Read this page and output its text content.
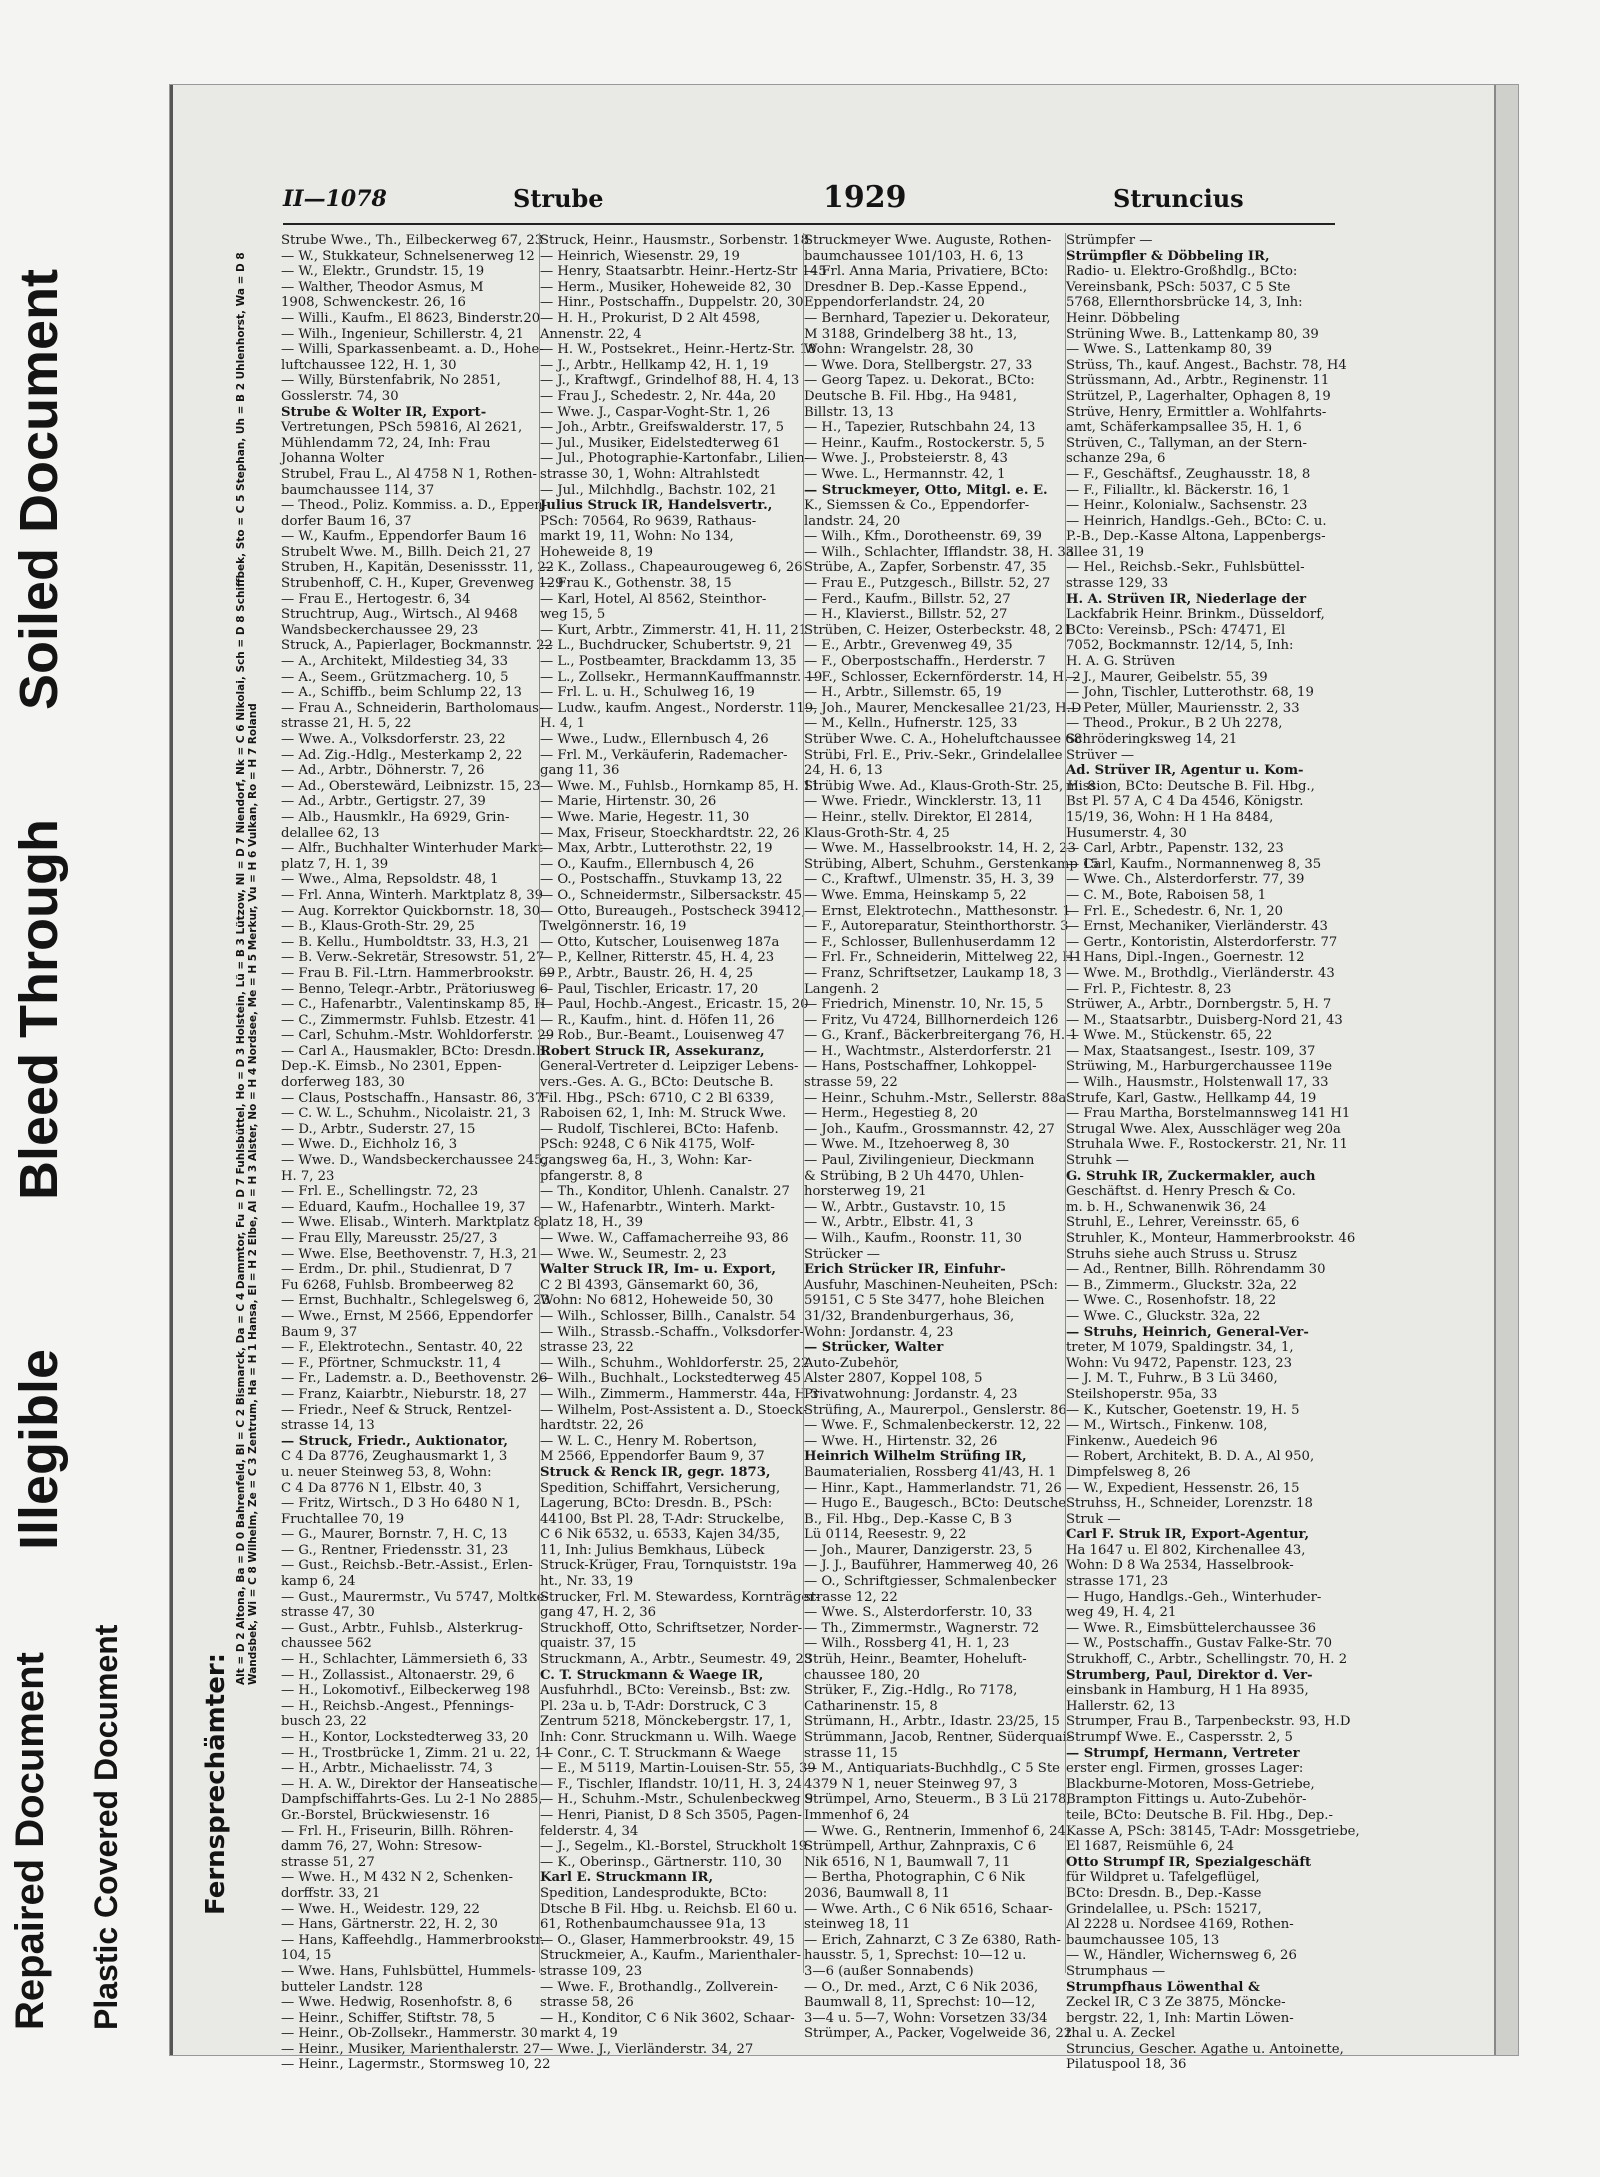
Repaired Document
Illegible
Bleed Through
Soiled Document
Plastic Covered Document
II—1078	Strube	1929	Struncius
Fernsprechämter:
Alt = D 2 Altona, Ba = D 0 Bahrenfeld, Bl = C 2 Bismarck, Da = C 4 Dammtor, Fu = D 7 Fuhlsbüttel, Ho = D 3 Holstein, Lü = B 3 Lützow, Nl = D 7 Niendorf, Nk = C 6 Nikolai, Sch = D 8 Schiffbek, Sto = C 5 Stephan, Uh = B 2 Uhlenhorst, Wa = D 8 Wandsbek, Wi = C 8 Wilhelm, Ze = C 3 Zentrum, Ha = H 1 Hansa, El = H 2 Elbe, Al = H 3 Alster, No = H 4 Nordsee, Me = H 5 Merkur, Vu = H 6 Vulkan, Ro = H 7 Roland
Strube Wwe., Th., Eilbeckerweg 67, 23
— W., Stukkateur, Schnelsenerweg 12
— W., Elektr., Grundstr. 15, 19
— Walther, Theodor Asmus, M
1908, Schwenckestr. 26, 16
— Willi., Kaufm., El 8623, Binderstr.20
— Wilh., Ingenieur, Schillerstr. 4, 21
— Willi, Sparkassenbeamt. a. D., Hohe-
luftchaussee 122, H. 1, 30
— Willy, Bürstenfabrik, No 2851,
Gosslerstr. 74, 30
Strube & Wolter IR, Export-
Vertretungen, PSch 59816, Al 2621,
Mühlendamm 72, 24, Inh: Frau
Johanna Wolter
Strubel, Frau L., Al 4758 N 1, Rothen-
baumchaussee 114, 37
— Theod., Poliz. Kommiss. a. D., Eppen-
dorfer Baum 16, 37
— W., Kaufm., Eppendorfer Baum 16
Strubelt Wwe. M., Billh. Deich 21, 27
Struben, H., Kapitän, Desenissstr. 11, 22
Strubenhoff, C. H., Kuper, Grevenweg 129
— Frau E., Hertogestr. 6, 34
Struchtrup, Aug., Wirtsch., Al 9468
Wandsbeckerchaussee 29, 23
Struck, A., Papierlager, Bockmannstr. 22
— A., Architekt, Mildestieg 34, 33
— A., Seem., Grützmacherg. 10, 5
— A., Schiffb., beim Schlump 22, 13
— Frau A., Schneiderin, Bartholomaus-
strasse 21, H. 5, 22
— Wwe. A., Volksdorferstr. 23, 22
— Ad. Zig.-Hdlg., Mesterkamp 2, 22
— Ad., Arbtr., Döhnerstr. 7, 26
— Ad., Oberstewärd, Leibnizstr. 15, 23
— Ad., Arbtr., Gertigstr. 27, 39
— Alb., Hausmklr., Ha 6929, Grin-
delallee 62, 13
— Alfr., Buchhalter Winterhuder Markt-
platz 7, H. 1, 39
— Wwe., Alma, Repsoldstr. 48, 1
— Frl. Anna, Winterh. Marktplatz 8, 39
— Aug. Korrektor Quickbornstr. 18, 30
— B., Klaus-Groth-Str. 29, 25
— B. Kellu., Humboldtstr. 33, H.3, 21
— B. Verw.-Sekretär, Stresowstr. 51, 27
— Frau B. Fil.-Ltrn. Hammerbrookstr. 69
— Benno, Teleqr.-Arbtr., Prätoriusweg 6
— C., Hafenarbtr., Valentinskamp 85, H
— C., Zimmermstr. Fuhlsb. Etzestr. 41
— Carl, Schuhm.-Mstr. Wohldorferstr. 29
— Carl A., Hausmakler, BCto: Dresdn.B.
Dep.-K. Eimsb., No 2301, Eppen-
dorferweg 183, 30
— Claus, Postschaffn., Hansastr. 86, 37
— C. W. L., Schuhm., Nicolaistr. 21, 3
— D., Arbtr., Suderstr. 27, 15
— Wwe. D., Eichholz 16, 3
— Wwe. D., Wandsbeckerchaussee 245,
H. 7, 23
— Frl. E., Schellingstr. 72, 23
— Eduard, Kaufm., Hochallee 19, 37
— Wwe. Elisab., Winterh. Marktplatz 8
— Frau Elly, Mareusstr. 25/27, 3
— Wwe. Else, Beethovenstr. 7, H.3, 21
— Erdm., Dr. phil., Studienrat, D 7
Fu 6268, Fuhlsb. Brombeerweg 82
— Ernst, Buchhaltr., Schlegelsweg 6, 23
— Wwe., Ernst, M 2566, Eppendorfer
Baum 9, 37
— F., Elektrotechn., Sentastr. 40, 22
— F., Pförtner, Schmuckstr. 11, 4
— Fr., Lademstr. a. D., Beethovenstr. 26
— Franz, Kaiarbtr., Nieburstr. 18, 27
— Friedr., Neef & Struck, Rentzel-
strasse 14, 13
— Struck, Friedr., Auktionator,
C 4 Da 8776, Zeughausmarkt 1, 3
u. neuer Steinweg 53, 8, Wohn:
C 4 Da 8776 N 1, Elbstr. 40, 3
— Fritz, Wirtsch., D 3 Ho 6480 N 1,
Fruchtallee 70, 19
— G., Maurer, Bornstr. 7, H. C, 13
— G., Rentner, Friedensstr. 31, 23
— Gust., Reichsb.-Betr.-Assist., Erlen-
kamp 6, 24
— Gust., Maurermstr., Vu 5747, Moltke-
strasse 47, 30
— Gust., Arbtr., Fuhlsb., Alsterkrug-
chaussee 562
— H., Schlachter, Lämmersieth 6, 33
— H., Zollassist., Altonaerstr. 29, 6
— H., Lokomotivf., Eilbeckerweg 198
— H., Reichsb.-Angest., Pfennings-
busch 23, 22
— H., Kontor, Lockstedterweg 33, 20
— H., Trostbrücke 1, Zimm. 21 u. 22, 11
— H., Arbtr., Michaelisstr. 74, 3
— H. A. W., Direktor der Hanseatische
Dampfschiffahrts-Ges. Lu 2-1 No 2885,
Gr.-Borstel, Brückwiesenstr. 16
— Frl. H., Friseurin, Billh. Röhren-
damm 76, 27, Wohn: Stresow-
strasse 51, 27
— Wwe. H., M 432 N 2, Schenken-
dorffstr. 33, 21
— Wwe. H., Weidestr. 129, 22
— Hans, Gärtnerstr. 22, H. 2, 30
— Hans, Kaffeehdlg., Hammerbrookstr.
104, 15
— Wwe. Hans, Fuhlsbüttel, Hummels-
butteler Landstr. 128
— Wwe. Hedwig, Rosenhofstr. 8, 6
— Heinr., Schiffer, Stiftstr. 78, 5
— Heinr., Ob-Zollsekr., Hammerstr. 30
— Heinr., Musiker, Marienthalerstr. 27
— Heinr., Lagermstr., Stormsweg 10, 22
Struck, Heinr., Hausmstr., Sorbenstr. 18
— Heinrich, Wiesenstr. 29, 19
— Henry, Staatsarbtr. Heinr.-Hertz-Str 145
— Herm., Musiker, Hoheweide 82, 30
— Hinr., Postschaffn., Duppelstr. 20, 30
— H. H., Prokurist, D 2 Alt 4598,
Annenstr. 22, 4
— H. W., Postsekret., Heinr.-Hertz-Str. 18
— J., Arbtr., Hellkamp 42, H. 1, 19
— J., Kraftwgf., Grindelhof 88, H. 4, 13
— Frau J., Schedestr. 2, Nr. 44a, 20
— Wwe. J., Caspar-Voght-Str. 1, 26
— Joh., Arbtr., Greifswalderstr. 17, 5
— Jul., Musiker, Eidelstedterweg 61
— Jul., Photographie-Kartonfabr., Lilien-
strasse 30, 1, Wohn: Altrahlstedt
— Jul., Milchhdlg., Bachstr. 102, 21
Julius Struck IR, Handelsvertr.,
PSch: 70564, Ro 9639, Rathaus-
markt 19, 11, Wohn: No 134,
Hoheweide 8, 19
— K., Zollass., Chapeaurougeweg 6, 26
— Frau K., Gothenstr. 38, 15
— Karl, Hotel, Al 8562, Steinthor-
weg 15, 5
— Kurt, Arbtr., Zimmerstr. 41, H. 11, 21
— L., Buchdrucker, Schubertstr. 9, 21
— L., Postbeamter, Brackdamm 13, 35
— L., Zollsekr., HermannKauffmannstr. 19
— Frl. L. u. H., Schulweg 16, 19
— Ludw., kaufm. Angest., Norderstr. 119,
H. 4, 1
— Wwe., Ludw., Ellernbusch 4, 26
— Frl. M., Verkäuferin, Rademacher-
gang 11, 36
— Wwe. M., Fuhlsb., Hornkamp 85, H. 11
— Marie, Hirtenstr. 30, 26
— Wwe. Marie, Hegestr. 11, 30
— Max, Friseur, Stoeckhardtstr. 22, 26
— Max, Arbtr., Lutterothstr. 22, 19
— O., Kaufm., Ellernbusch 4, 26
— O., Postschaffn., Stuvkamp 13, 22
— O., Schneidermstr., Silbersackstr. 45
— Otto, Bureaugeh., Postscheck 39412,
Twelgönnerstr. 16, 19
— Otto, Kutscher, Louisenweg 187a
— P., Kellner, Ritterstr. 45, H. 4, 23
— P., Arbtr., Baustr. 26, H. 4, 25
— Paul, Tischler, Ericastr. 17, 20
— Paul, Hochb.-Angest., Ericastr. 15, 20
— R., Kaufm., hint. d. Höfen 11, 26
— Rob., Bur.-Beamt., Louisenweg 47
Robert Struck IR, Assekuranz,
General-Vertreter d. Leipziger Lebens-
vers.-Ges. A. G., BCto: Deutsche B.
Fil. Hbg., PSch: 6710, C 2 Bl 6339,
Raboisen 62, 1, Inh: M. Struck Wwe.
— Rudolf, Tischlerei, BCto: Hafenb.
PSch: 9248, C 6 Nik 4175, Wolf-
gangsweg 6a, H., 3, Wohn: Kar-
pfangerstr. 8, 8
— Th., Konditor, Uhlenh. Canalstr. 27
— W., Hafenarbtr., Winterh. Markt-
platz 18, H., 39
— Wwe. W., Caffamacherreihe 93, 86
— Wwe. W., Seumestr. 2, 23
Walter Struck IR, Im- u. Export,
C 2 Bl 4393, Gänsemarkt 60, 36,
Wohn: No 6812, Hoheweide 50, 30
— Wilh., Schlosser, Billh., Canalstr. 54
— Wilh., Strassb.-Schaffn., Volksdorfer-
strasse 23, 22
— Wilh., Schuhm., Wohldorferstr. 25, 22
— Wilh., Buchhalt., Lockstedterweg 45
— Wilh., Zimmerm., Hammerstr. 44a, H 3
— Wilhelm, Post-Assistent a. D., Stoeck-
hardtstr. 22, 26
— W. L. C., Henry M. Robertson,
M 2566, Eppendorfer Baum 9, 37
Struck & Renck IR, gegr. 1873,
Spedition, Schiffahrt, Versicherung,
Lagerung, BCto: Dresdn. B., PSch:
44100, Bst Pl. 28, T-Adr: Struckelbe,
C 6 Nik 6532, u. 6533, Kajen 34/35,
11, Inh: Julius Bemkhaus, Lübeck
Struck-Krüger, Frau, Tornquiststr. 19a
ht., Nr. 33, 19
Strucker, Frl. M. Stewardess, Kornträger-
gang 47, H. 2, 36
Struckhoff, Otto, Schriftsetzer, Norder-
quaistr. 37, 15
Struckmann, A., Arbtr., Seumestr. 49, 23
C. T. Struckmann & Waege IR,
Ausfuhrhdl., BCto: Vereinsb., Bst: zw.
Pl. 23a u. b, T-Adr: Dorstruck, C 3
Zentrum 5218, Mönckebergstr. 17, 1,
Inh: Conr. Struckmann u. Wilh. Waege
— Conr., C. T. Struckmann & Waege
— E., M 5119, Martin-Louisen-Str. 55, 39
— F., Tischler, Iflandstr. 10/11, H. 3, 24
— H., Schuhm.-Mstr., Schulenbeckweg 9
— Henri, Pianist, D 8 Sch 3505, Pagen-
felderstr. 4, 34
— J., Segelm., Kl.-Borstel, Struckholt 19
— K., Oberinsp., Gärtnerstr. 110, 30
Karl E. Struckmann IR,
Spedition, Landesprodukte, BCto:
Dtsche B Fil. Hbg. u. Reichsb. El 60 u.
61, Rothenbaumchaussee 91a, 13
— O., Glaser, Hammerbrookstr. 49, 15
Struckmeier, A., Kaufm., Marienthaler-
strasse 109, 23
— Wwe. F., Brothandlg., Zollverein-
strasse 58, 26
— H., Konditor, C 6 Nik 3602, Schaar-
markt 4, 19
— Wwe. J., Vierländerstr. 34, 27
Struckmeyer Wwe. Auguste, Rothen-
baumchaussee 101/103, H. 6, 13
— Frl. Anna Maria, Privatiere, BCto:
Dresdner B. Dep.-Kasse Eppend.,
Eppendorferlandstr. 24, 20
— Bernhard, Tapezier u. Dekorateur,
M 3188, Grindelberg 38 ht., 13,
Wohn: Wrangelstr. 28, 30
— Wwe. Dora, Stellbergstr. 27, 33
— Georg Tapez. u. Dekorat., BCto:
Deutsche B. Fil. Hbg., Ha 9481,
Billstr. 13, 13
— H., Tapezier, Rutschbahn 24, 13
— Heinr., Kaufm., Rostockerstr. 5, 5
— Wwe. J., Probsteierstr. 8, 43
— Wwe. L., Hermannstr. 42, 1
— Struckmeyer, Otto, Mitgl. e. E.
K., Siemssen & Co., Eppendorfer-
landstr. 24, 20
— Wilh., Kfm., Dorotheenstr. 69, 39
— Wilh., Schlachter, Ifflandstr. 38, H. 33
Strübe, A., Zapfer, Sorbenstr. 47, 35
— Frau E., Putzgesch., Billstr. 52, 27
— Ferd., Kaufm., Billstr. 52, 27
— H., Klavierst., Billstr. 52, 27
Strüben, C. Heizer, Osterbeckstr. 48, 21
— E., Arbtr., Grevenweg 49, 35
— F., Oberpostschaffn., Herderstr. 7
— F., Schlosser, Eckernförderstr. 14, H. 2
— H., Arbtr., Sillemstr. 65, 19
— Joh., Maurer, Menckesallee 21/23, H.D
— M., Kelln., Hufnerstr. 125, 33
Strüber Wwe. C. A., Hoheluftchaussee 68
Strübi, Frl. E., Priv.-Sekr., Grindelallee
24, H. 6, 13
Strübig Wwe. Ad., Klaus-Groth-Str. 25, H. 8
— Wwe. Friedr., Wincklerstr. 13, 11
— Heinr., stellv. Direktor, El 2814,
Klaus-Groth-Str. 4, 25
— Wwe. M., Hasselbrookstr. 14, H. 2, 23
Strübing, Albert, Schuhm., Gerstenkamp 15
— C., Kraftwf., Ulmenstr. 35, H. 3, 39
— Wwe. Emma, Heinskamp 5, 22
— Ernst, Elektrotechn., Matthesonstr. 1
— F., Autoreparatur, Steinthorthorstr. 3
— F., Schlosser, Bullenhuserdamm 12
— Frl. Fr., Schneiderin, Mittelweg 22, H1
— Franz, Schriftsetzer, Laukamp 18, 3
Langenh. 2
— Friedrich, Minenstr. 10, Nr. 15, 5
— Fritz, Vu 4724, Billhornerdeich 126
— G., Kranf., Bäckerbreitergang 76, H. 1
— H., Wachtmstr., Alsterdorferstr. 21
— Hans, Postschaffner, Lohkoppel-
strasse 59, 22
— Heinr., Schuhm.-Mstr., Sellerstr. 88a
— Herm., Hegestieg 8, 20
— Joh., Kaufm., Grossmannstr. 42, 27
— Wwe. M., Itzehoerweg 8, 30
— Paul, Zivilingenieur, Dieckmann
& Strübing, B 2 Uh 4470, Uhlen-
horsterweg 19, 21
— W., Arbtr., Gustavstr. 10, 15
— W., Arbtr., Elbstr. 41, 3
— Wilh., Kaufm., Roonstr. 11, 30
Strücker —
Erich Strücker IR, Einfuhr-
Ausfuhr, Maschinen-Neuheiten, PSch:
59151, C 5 Ste 3477, hohe Bleichen
31/32, Brandenburgerhaus, 36,
Wohn: Jordanstr. 4, 23
— Strücker, Walter
Auto-Zubehör,
Alster 2807, Koppel 108, 5
Privatwohnung: Jordanstr. 4, 23
Strüfing, A., Maurerpol., Genslerstr. 86
— Wwe. F., Schmalenbeckerstr. 12, 22
— Wwe. H., Hirtenstr. 32, 26
Heinrich Wilhelm Strüfing IR,
Baumaterialien, Rossberg 41/43, H. 1
— Hinr., Kapt., Hammerlandstr. 71, 26
— Hugo E., Baugesch., BCto: Deutsche
B., Fil. Hbg., Dep.-Kasse C, B 3
Lü 0114, Reesestr. 9, 22
— Joh., Maurer, Danzigerstr. 23, 5
— J. J., Bauführer, Hammerweg 40, 26
— O., Schriftgiesser, Schmalenbecker
strasse 12, 22
— Wwe. S., Alsterdorferstr. 10, 33
— Th., Zimmermstr., Wagnerstr. 72
— Wilh., Rossberg 41, H. 1, 23
Strüh, Heinr., Beamter, Hoheluft-
chaussee 180, 20
Strüker, F., Zig.-Hdlg., Ro 7178,
Catharinenstr. 15, 8
Strümann, H., Arbtr., Idastr. 23/25, 15
Strümmann, Jacob, Rentner, Süderquai-
strasse 11, 15
— M., Antiquariats-Buchhdlg., C 5 Ste
4379 N 1, neuer Steinweg 97, 3
Strümpel, Arno, Steuerm., B 3 Lü 2178,
Immenhof 6, 24
— Wwe. G., Rentnerin, Immenhof 6, 24
Strümpell, Arthur, Zahnpraxis, C 6
Nik 6516, N 1, Baumwall 7, 11
— Bertha, Photographin, C 6 Nik
2036, Baumwall 8, 11
— Wwe. Arth., C 6 Nik 6516, Schaar-
steinweg 18, 11
— Erich, Zahnarzt, C 3 Ze 6380, Rath-
hausstr. 5, 1, Sprechst: 10—12 u.
3—6 (außer Sonnabends)
— O., Dr. med., Arzt, C 6 Nik 2036,
Baumwall 8, 11, Sprechst: 10—12,
3—4 u. 5—7, Wohn: Vorsetzen 33/34
Strümper, A., Packer, Vogelweide 36, 22
Strümpfer —
Strümpfler & Döbbeling IR,
Radio- u. Elektro-Großhdlg., BCto:
Vereinsbank, PSch: 5037, C 5 Ste
5768, Ellernthorsbrücke 14, 3, Inh:
Heinr. Döbbeling
Strüning Wwe. B., Lattenkamp 80, 39
— Wwe. S., Lattenkamp 80, 39
Strüss, Th., kauf. Angest., Bachstr. 78, H4
Strüssmann, Ad., Arbtr., Reginenstr. 11
Strützel, P., Lagerhalter, Ophagen 8, 19
Strüve, Henry, Ermittler a. Wohlfahrts-
amt, Schäferkampsallee 35, H. 1, 6
Strüven, C., Tallyman, an der Stern-
schanze 29a, 6
— F., Geschäftsf., Zeughausstr. 18, 8
— F., Filialltr., kl. Bäckerstr. 16, 1
— Heinr., Kolonialw., Sachsenstr. 23
— Heinrich, Handlgs.-Geh., BCto: C. u.
P.-B., Dep.-Kasse Altona, Lappenbergs-
allee 31, 19
— Hel., Reichsb.-Sekr., Fuhlsbüttel-
strasse 129, 33
H. A. Strüven IR, Niederlage der
Lackfabrik Heinr. Brinkm., Düsseldorf,
BCto: Vereinsb., PSch: 47471, El
7052, Bockmannstr. 12/14, 5, Inh:
H. A. G. Strüven
— J., Maurer, Geibelstr. 55, 39
— John, Tischler, Lutterothstr. 68, 19
— Peter, Müller, Mauriensstr. 2, 33
— Theod., Prokur., B 2 Uh 2278,
Schröderingksweg 14, 21
Strüver —
Ad. Strüver IR, Agentur u. Kom-
mission, BCto: Deutsche B. Fil. Hbg.,
Bst Pl. 57 A, C 4 Da 4546, Königstr.
15/19, 36, Wohn: H 1 Ha 8484,
Husumerstr. 4, 30
— Carl, Arbtr., Papenstr. 132, 23
— Carl, Kaufm., Normannenweg 8, 35
— Wwe. Ch., Alsterdorferstr. 77, 39
— C. M., Bote, Raboisen 58, 1
— Frl. E., Schedestr. 6, Nr. 1, 20
— Ernst, Mechaniker, Vierländerstr. 43
— Gertr., Kontoristin, Alsterdorferstr. 77
— Hans, Dipl.-Ingen., Goernestr. 12
— Wwe. M., Brothdlg., Vierländerstr. 43
— Frl. P., Fichtestr. 8, 23
Strüwer, A., Arbtr., Dornbergstr. 5, H. 7
— M., Staatsarbtr., Duisberg-Nord 21, 43
— Wwe. M., Stückenstr. 65, 22
— Max, Staatsangest., Isestr. 109, 37
Strüwing, M., Harburgerchaussee 119e
— Wilh., Hausmstr., Holstenwall 17, 33
Strufe, Karl, Gastw., Hellkamp 44, 19
— Frau Martha, Borstelmannsweg 141 H1
Strugal Wwe. Alex, Ausschläger weg 20a
Struhala Wwe. F., Rostockerstr. 21, Nr. 11
Struhk —
G. Struhk IR, Zuckermakler, auch
Geschäftst. d. Henry Presch & Co.
m. b. H., Schwanenwik 36, 24
Struhl, E., Lehrer, Vereinsstr. 65, 6
Struhler, K., Monteur, Hammerbrookstr. 46
Struhs siehe auch Struss u. Strusz
— Ad., Rentner, Billh. Röhrendamm 30
— B., Zimmerm., Gluckstr. 32a, 22
— Wwe. C., Rosenhofstr. 18, 22
— Wwe. C., Gluckstr. 32a, 22
— Struhs, Heinrich, General-Ver-
treter, M 1079, Spaldingstr. 34, 1,
Wohn: Vu 9472, Papenstr. 123, 23
— J. M. T., Fuhrw., B 3 Lü 3460,
Steilshoperstr. 95a, 33
— K., Kutscher, Goetenstr. 19, H. 5
— M., Wirtsch., Finkenw. 108,
Finkenw., Auedeich 96
— Robert, Architekt, B. D. A., Al 950,
Dimpfelsweg 8, 26
— W., Expedient, Hessenstr. 26, 15
Struhss, H., Schneider, Lorenzstr. 18
Struk —
Carl F. Struk IR, Export-Agentur,
Ha 1647 u. El 802, Kirchenallee 43,
Wohn: D 8 Wa 2534, Hasselbrook-
strasse 171, 23
— Hugo, Handlgs.-Geh., Winterhuder-
weg 49, H. 4, 21
— Wwe. R., Eimsbüttelerchaussee 36
— W., Postschaffn., Gustav Falke-Str. 70
Strukhoff, C., Arbtr., Schellingstr. 70, H. 2
Strumberg, Paul, Direktor d. Ver-
einsbank in Hamburg, H 1 Ha 8935,
Hallerstr. 62, 13
Strumper, Frau B., Tarpenbeckstr. 93, H.D
Strumpf Wwe. E., Caspersstr. 2, 5
— Strumpf, Hermann, Vertreter
erster engl. Firmen, grosses Lager:
Blackburne-Motoren, Moss-Getriebe,
Brampton Fittings u. Auto-Zubehör-
teile, BCto: Deutsche B. Fil. Hbg., Dep.-
Kasse A, PSch: 38145, T-Adr: Mossgetriebe,
El 1687, Reismühle 6, 24
Otto Strumpf IR, Spezialgeschäft
für Wildpret u. Tafelgeflügel,
BCto: Dresdn. B., Dep.-Kasse
Grindelallee, u. PSch: 15217,
Al 2228 u. Nordsee 4169, Rothen-
baumchaussee 105, 13
— W., Händler, Wichernsweg 6, 26
Strumphaus —
Strumpfhaus Löwenthal &
Zeckel IR, C 3 Ze 3875, Möncke-
bergstr. 22, 1, Inh: Martin Löwen-
thal u. A. Zeckel
Struncius, Gescher. Agathe u. Antoinette,
Pilatuspool 18, 36
